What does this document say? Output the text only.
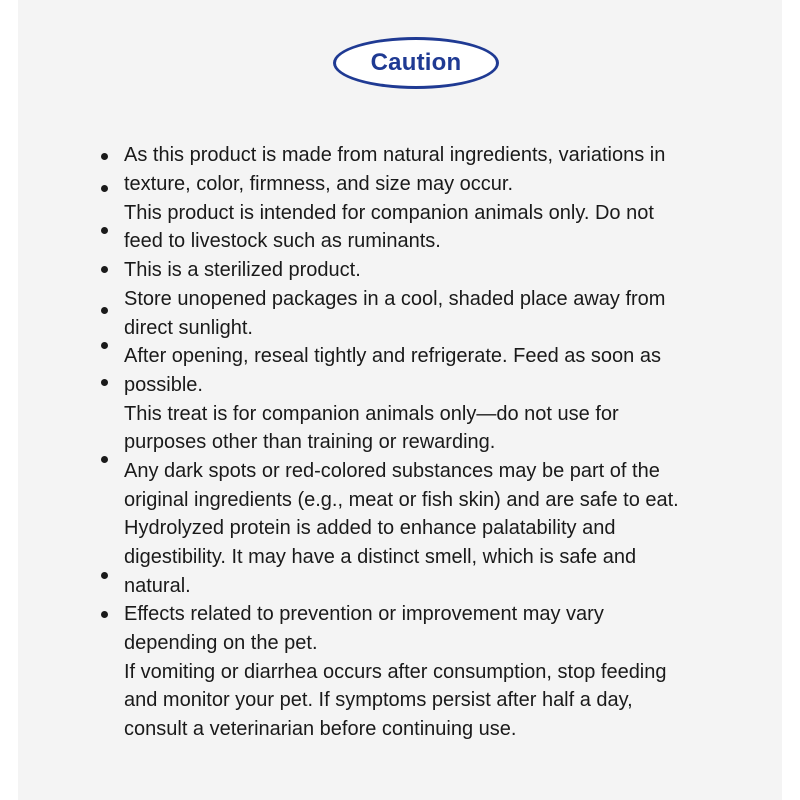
Caution
As this product is made from natural ingredients, variations in
texture, color, firmness, and size may occur.
This product is intended for companion animals only. Do not
feed to livestock such as ruminants.
This is a sterilized product.
Store unopened packages in a cool, shaded place away from
direct sunlight.
After opening, reseal tightly and refrigerate. Feed as soon as
possible.
This treat is for companion animals only—do not use for
purposes other than training or rewarding.
Any dark spots or red-colored substances may be part of the
original ingredients (e.g., meat or fish skin) and are safe to eat.
Hydrolyzed protein is added to enhance palatability and
digestibility. It may have a distinct smell, which is safe and
natural.
Effects related to prevention or improvement may vary
depending on the pet.
If vomiting or diarrhea occurs after consumption, stop feeding
and monitor your pet. If symptoms persist after half a day,
consult a veterinarian before continuing use.
